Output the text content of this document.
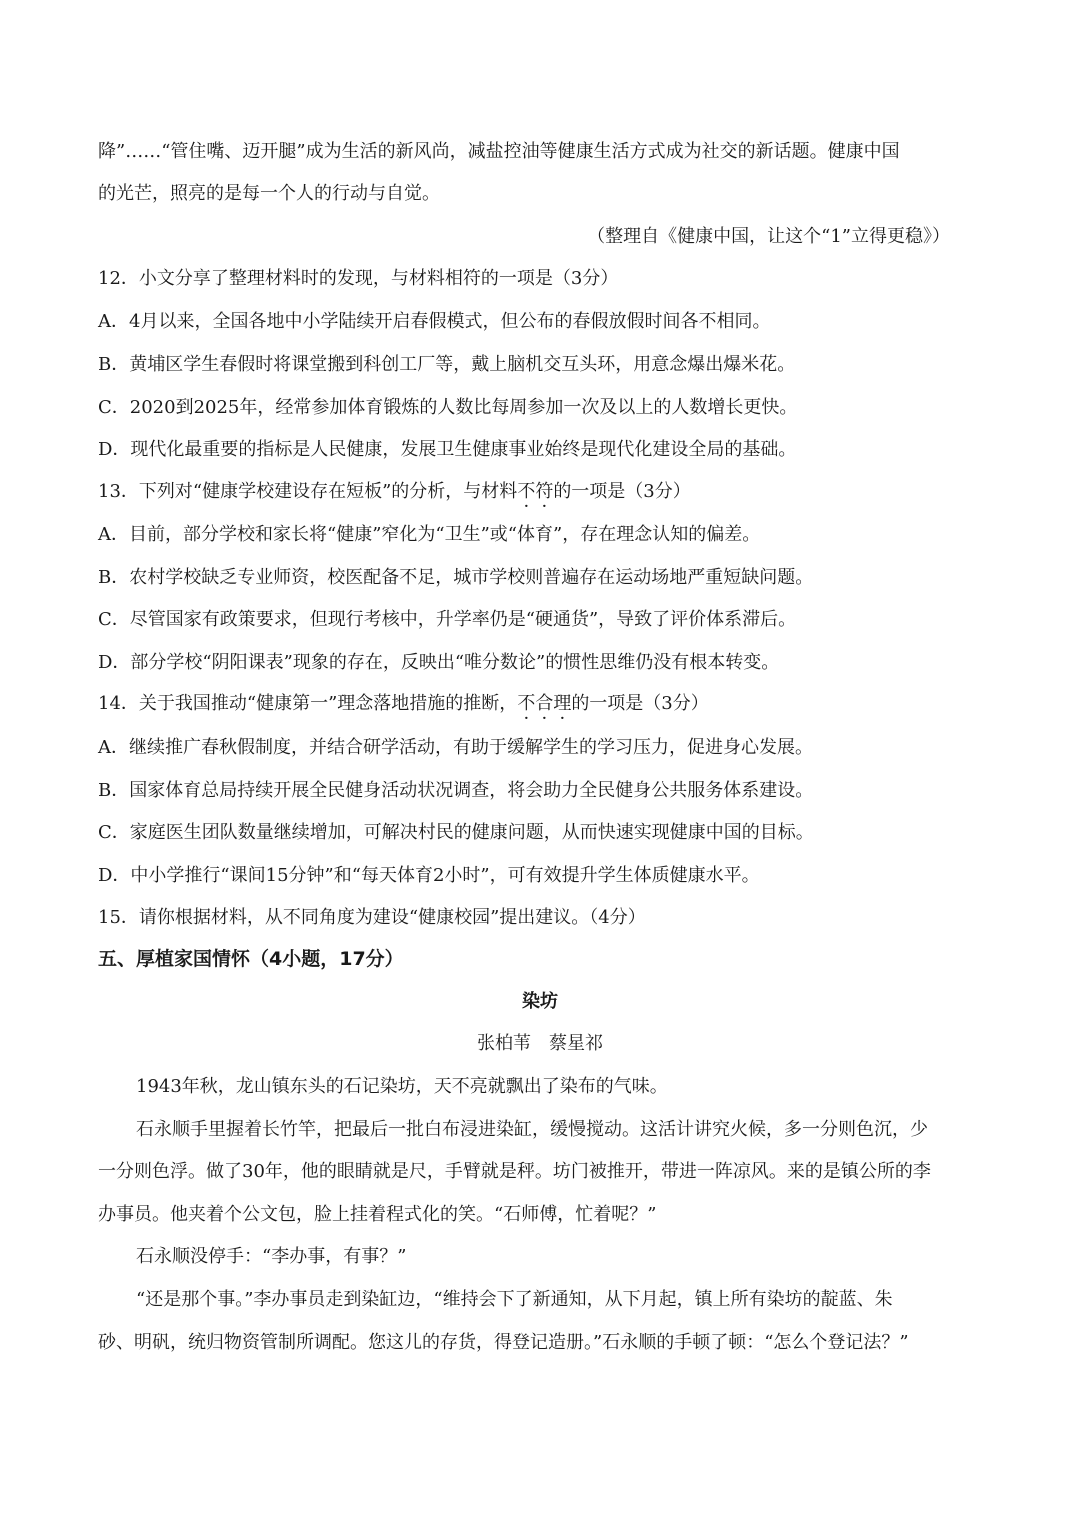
降”……“管住嘴、迈开腿”成为生活的新风尚，减盐控油等健康生活方式成为社交的新话题。健康中国
的光芒，照亮的是每一个人的行动与自觉。
（整理自《健康中国，让这个“1”立得更稳》）
12．小文分享了整理材料时的发现，与材料相符的一项是（3分）
A．4月以来，全国各地中小学陆续开启春假模式，但公布的春假放假时间各不相同。
B．黄埔区学生春假时将课堂搬到科创工厂等，戴上脑机交互头环，用意念爆出爆米花。
C．2020到2025年，经常参加体育锻炼的人数比每周参加一次及以上的人数增长更快。
D．现代化最重要的指标是人民健康，发展卫生健康事业始终是现代化建设全局的基础。
13．下列对“健康学校建设存在短板”的分析，与材料不符的一项是（3分）
A．目前，部分学校和家长将“健康”窄化为“卫生”或“体育”，存在理念认知的偏差。
B．农村学校缺乏专业师资，校医配备不足，城市学校则普遍存在运动场地严重短缺问题。
C．尽管国家有政策要求，但现行考核中，升学率仍是“硬通货”，导致了评价体系滞后。
D．部分学校“阴阳课表”现象的存在，反映出“唯分数论”的惯性思维仍没有根本转变。
14．关于我国推动“健康第一”理念落地措施的推断，不合理的一项是（3分）
A．继续推广春秋假制度，并结合研学活动，有助于缓解学生的学习压力，促进身心发展。
B．国家体育总局持续开展全民健身活动状况调查，将会助力全民健身公共服务体系建设。
C．家庭医生团队数量继续增加，可解决村民的健康问题，从而快速实现健康中国的目标。
D．中小学推行“课间15分钟”和“每天体育2小时”，可有效提升学生体质健康水平。
15．请你根据材料，从不同角度为建设“健康校园”提出建议。（4分）
五、厚植家国情怀（4小题，17分）
染坊
张柏苇　蔡星祁
1943年秋，龙山镇东头的石记染坊，天不亮就飘出了染布的气味。
石永顺手里握着长竹竿，把最后一批白布浸进染缸，缓慢搅动。这活计讲究火候，多一分则色沉，少
一分则色浮。做了30年，他的眼睛就是尺，手臂就是秤。坊门被推开，带进一阵凉风。来的是镇公所的李
办事员。他夹着个公文包，脸上挂着程式化的笑。“石师傅，忙着呢？”
石永顺没停手：“李办事，有事？”
“还是那个事。”李办事员走到染缸边，“维持会下了新通知，从下月起，镇上所有染坊的靛蓝、朱
砂、明矾，统归物资管制所调配。您这儿的存货，得登记造册。”石永顺的手顿了顿：“怎么个登记法？”
